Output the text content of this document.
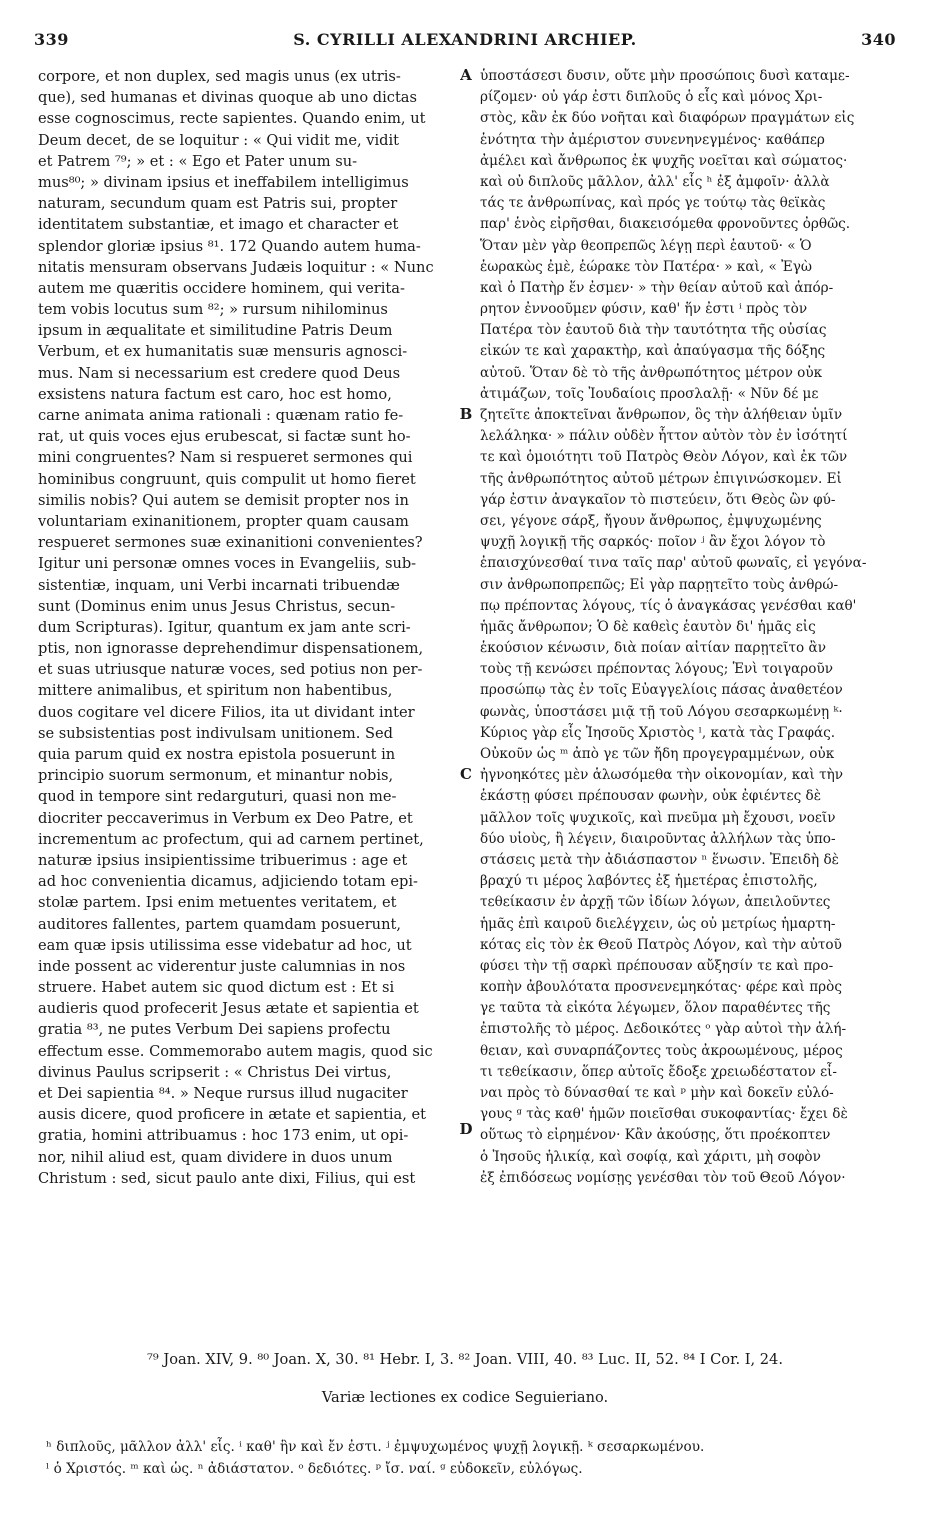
339	S. CYRILLI ALEXANDRINI ARCHIEP.	340
corpore, et non duplex, sed magis unus (ex utris-
que), sed humanas et divinas quoque ab uno dictas
esse cognoscimus, recte sapientes. Quando enim, ut
Deum decet, de se loquitur : « Qui vidit me, vidit
et Patrem ⁷⁹; » et : « Ego et Pater unum su-
mus⁸⁰; » divinam ipsius et ineffabilem intelligimus
naturam, secundum quam est Patris sui, propter
identitatem substantiæ, et imago et character et
splendor gloriæ ipsius ⁸¹. 172 Quando autem huma-
nitatis mensuram observans Judæis loquitur : « Nunc
autem me quæritis occidere hominem, qui verita-
tem vobis locutus sum ⁸²; » rursum nihilominus
ipsum in æqualitate et similitudine Patris Deum
Verbum, et ex humanitatis suæ mensuris agnosci-
mus. Nam si necessarium est credere quod Deus
exsistens natura factum est caro, hoc est homo,
carne animata anima rationali : quænam ratio fe-
rat, ut quis voces ejus erubescat, si factæ sunt ho-
mini congruentes? Nam si respueret sermones qui
hominibus congruunt, quis compulit ut homo fieret
similis nobis? Qui autem se demisit propter nos in
voluntariam exinanitionem, propter quam causam
respueret sermones suæ exinanitioni convenientes?
Igitur uni personæ omnes voces in Evangeliis, sub-
sistentiæ, inquam, uni Verbi incarnati tribuendæ
sunt (Dominus enim unus Jesus Christus, secun-
dum Scripturas). Igitur, quantum ex jam ante scri-
ptis, non ignorasse deprehendimur dispensationem,
et suas utriusque naturæ voces, sed potius non per-
mittere animalibus, et spiritum non habentibus,
duos cogitare vel dicere Filios, ita ut dividant inter
se subsistentias post indivulsam unitionem. Sed
quia parum quid ex nostra epistola posuerunt in
principio suorum sermonum, et minantur nobis,
quod in tempore sint redarguturi, quasi non me-
diocriter peccaverimus in Verbum ex Deo Patre, et
incrementum ac profectum, qui ad carnem pertinet,
naturæ ipsius insipientissime tribuerimus : age et
ad hoc convenientia dicamus, adjiciendo totam epi-
stolæ partem. Ipsi enim metuentes veritatem, et
auditores fallentes, partem quamdam posuerunt,
eam quæ ipsis utilissima esse videbatur ad hoc, ut
inde possent ac viderentur juste calumnias in nos
struere. Habet autem sic quod dictum est : Et si
audieris quod profecerit Jesus ætate et sapientia et
gratia ⁸³, ne putes Verbum Dei sapiens profectu
effectum esse. Commemorabo autem magis, quod sic
divinus Paulus scripserit : « Christus Dei virtus,
et Dei sapientia ⁸⁴. » Neque rursus illud nugaciter
ausis dicere, quod proficere in ætate et sapientia, et
gratia, homini attribuamus : hoc 173 enim, ut opi-
nor, nihil aliud est, quam dividere in duos unum
Christum : sed, sicut paulo ante dixi, Filius, qui est
ὑποστάσεσι δυσιν, οὔτε μὴν προσώποις δυσὶ καταμε-
ρίζομεν· οὐ γάρ ἐστι διπλοῦς ὁ εἷς καὶ μόνος Χρι-
στὸς, κἂν ἐκ δύο νοῆται καὶ διαφόρων πραγμάτων εἰς
ἑνότητα τὴν ἀμέριστον συνενηνεγμένος· καθάπερ
ἀμέλει καὶ ἄνθρωπος ἐκ ψυχῆς νοεῖται καὶ σώματος·
καὶ οὐ διπλοῦς μᾶλλον, ἀλλ' εἷς ʰ ἐξ ἀμφοῖν· ἀλλὰ
τάς τε ἀνθρωπίνας, καὶ πρός γε τούτῳ τὰς θεϊκὰς
παρ' ἑνὸς εἰρῆσθαι, διακεισόμεθα φρονοῦντες ὀρθῶς.
Ὅταν μὲν γὰρ θεοπρεπῶς λέγῃ περὶ ἑαυτοῦ· « Ὁ
ἑωρακὼς ἐμὲ, ἑώρακε τὸν Πατέρα· » καὶ, « Ἐγὼ
καὶ ὁ Πατὴρ ἕν ἐσμεν· » τὴν θείαν αὐτοῦ καὶ ἀπόρ-
ρητον ἐννοοῦμεν φύσιν, καθ' ἥν ἐστι ⁱ πρὸς τὸν
Πατέρα τὸν ἑαυτοῦ διὰ τὴν ταυτότητα τῆς οὐσίας
εἰκών τε καὶ χαρακτὴρ, καὶ ἀπαύγασμα τῆς δόξης
αὐτοῦ. Ὅταν δὲ τὸ τῆς ἀνθρωπότητος μέτρον οὐκ
ἀτιμάζων, τοῖς Ἰουδαίοις προσλαλῇ· « Νῦν δέ με
ζητεῖτε ἀποκτεῖναι ἄνθρωπον, ὃς τὴν ἀλήθειαν ὑμῖν
λελάληκα· » πάλιν οὐδὲν ἧττον αὐτὸν τὸν ἐν ἰσότητί
τε καὶ ὁμοιότητι τοῦ Πατρὸς Θεὸν Λόγον, καὶ ἐκ τῶν
τῆς ἀνθρωπότητος αὐτοῦ μέτρων ἐπιγινώσκομεν. Εἰ
γάρ ἐστιν ἀναγκαῖον τὸ πιστεύειν, ὅτι Θεὸς ὢν φύ-
σει, γέγονε σάρξ, ἤγουν ἄνθρωπος, ἐμψυχωμένης
ψυχῇ λογικῇ τῆς σαρκός· ποῖον ʲ ἂν ἔχοι λόγον τὸ
ἐπαισχύνεσθαί τινα ταῖς παρ' αὐτοῦ φωναῖς, εἰ γεγόνα-
σιν ἀνθρωποπρεπῶς; Εἰ γὰρ παρῃτεῖτο τοὺς ἀνθρώ-
πῳ πρέποντας λόγους, τίς ὁ ἀναγκάσας γενέσθαι καθ'
ἡμᾶς ἄνθρωπον; Ὁ δὲ καθεὶς ἑαυτὸν δι' ἡμᾶς εἰς
ἑκούσιον κένωσιν, διὰ ποίαν αἰτίαν παρῃτεῖτο ἂν
τοὺς τῇ κενώσει πρέποντας λόγους; Ἑνὶ τοιγαροῦν
προσώπῳ τὰς ἐν τοῖς Εὐαγγελίοις πάσας ἀναθετέον
φωνὰς, ὑποστάσει μιᾷ τῇ τοῦ Λόγου σεσαρκωμένῃ ᵏ·
Κύριος γὰρ εἷς Ἰησοῦς Χριστὸς ˡ, κατὰ τὰς Γραφάς.
Οὐκοῦν ὡς ᵐ ἀπὸ γε τῶν ἤδη προγεγραμμένων, οὐκ
ἠγνοηκότες μὲν ἁλωσόμεθα τὴν οἰκονομίαν, καὶ τὴν
ἑκάστῃ φύσει πρέπουσαν φωνὴν, οὐκ ἐφιέντες δὲ
μᾶλλον τοῖς ψυχικοῖς, καὶ πνεῦμα μὴ ἔχουσι, νοεῖν
δύο υἱοὺς, ἢ λέγειν, διαιροῦντας ἀλλήλων τὰς ὑπο-
στάσεις μετὰ τὴν ἀδιάσπαστον ⁿ ἕνωσιν. Ἐπειδὴ δὲ
βραχύ τι μέρος λαβόντες ἐξ ἡμετέρας ἐπιστολῆς,
τεθείκασιν ἐν ἀρχῇ τῶν ἰδίων λόγων, ἀπειλοῦντες
ἡμᾶς ἐπὶ καιροῦ διελέγχειν, ὡς οὐ μετρίως ἡμαρτη-
κότας εἰς τὸν ἐκ Θεοῦ Πατρὸς Λόγον, καὶ τὴν αὐτοῦ
φύσει τὴν τῇ σαρκὶ πρέπουσαν αὔξησίν τε καὶ προ-
κοπὴν ἀβουλότατα προσνενεμηκότας· φέρε καὶ πρὸς
γε ταῦτα τὰ εἰκότα λέγωμεν, ὅλον παραθέντες τῆς
ἐπιστολῆς τὸ μέρος. Δεδοικότες ᵒ γὰρ αὐτοὶ τὴν ἀλή-
θειαν, καὶ συναρπάζοντες τοὺς ἀκροωμένους, μέρος
τι τεθείκασιν, ὅπερ αὐτοῖς ἔδοξε χρειωδέστατον εἶ-
ναι πρὸς τὸ δύνασθαί τε καὶ ᵖ μὴν καὶ δοκεῖν εὐλό-
γους ᵍ τὰς καθ' ἡμῶν ποιεῖσθαι συκοφαντίας· ἔχει δὲ
οὕτως τὸ εἰρημένον· Κἂν ἀκούσῃς, ὅτι προέκοπτεν
ὁ Ἰησοῦς ἡλικίᾳ, καὶ σοφίᾳ, καὶ χάριτι, μὴ σοφὸν
ἐξ ἐπιδόσεως νομίσῃς γενέσθαι τὸν τοῦ Θεοῦ Λόγον·
A
B
C
D
⁷⁹ Joan. XIV, 9. ⁸⁰ Joan. X, 30. ⁸¹ Hebr. I, 3. ⁸² Joan. VIII, 40. ⁸³ Luc. II, 52. ⁸⁴ I Cor. I, 24.
Variæ lectiones ex codice Seguieriano.
ʰ διπλοῦς, μᾶλλον ἀλλ' εἷς. ⁱ καθ' ἣν καὶ ἔν ἐστι. ʲ ἐμψυχωμένος ψυχῇ λογικῇ. ᵏ σεσαρκωμένου.
ˡ ὁ Χριστός. ᵐ καὶ ὡς. ⁿ ἀδιάστατον. ᵒ δεδιότες. ᵖ ἴσ. ναί. ᵍ εὐδοκεῖν, εὐλόγως.
